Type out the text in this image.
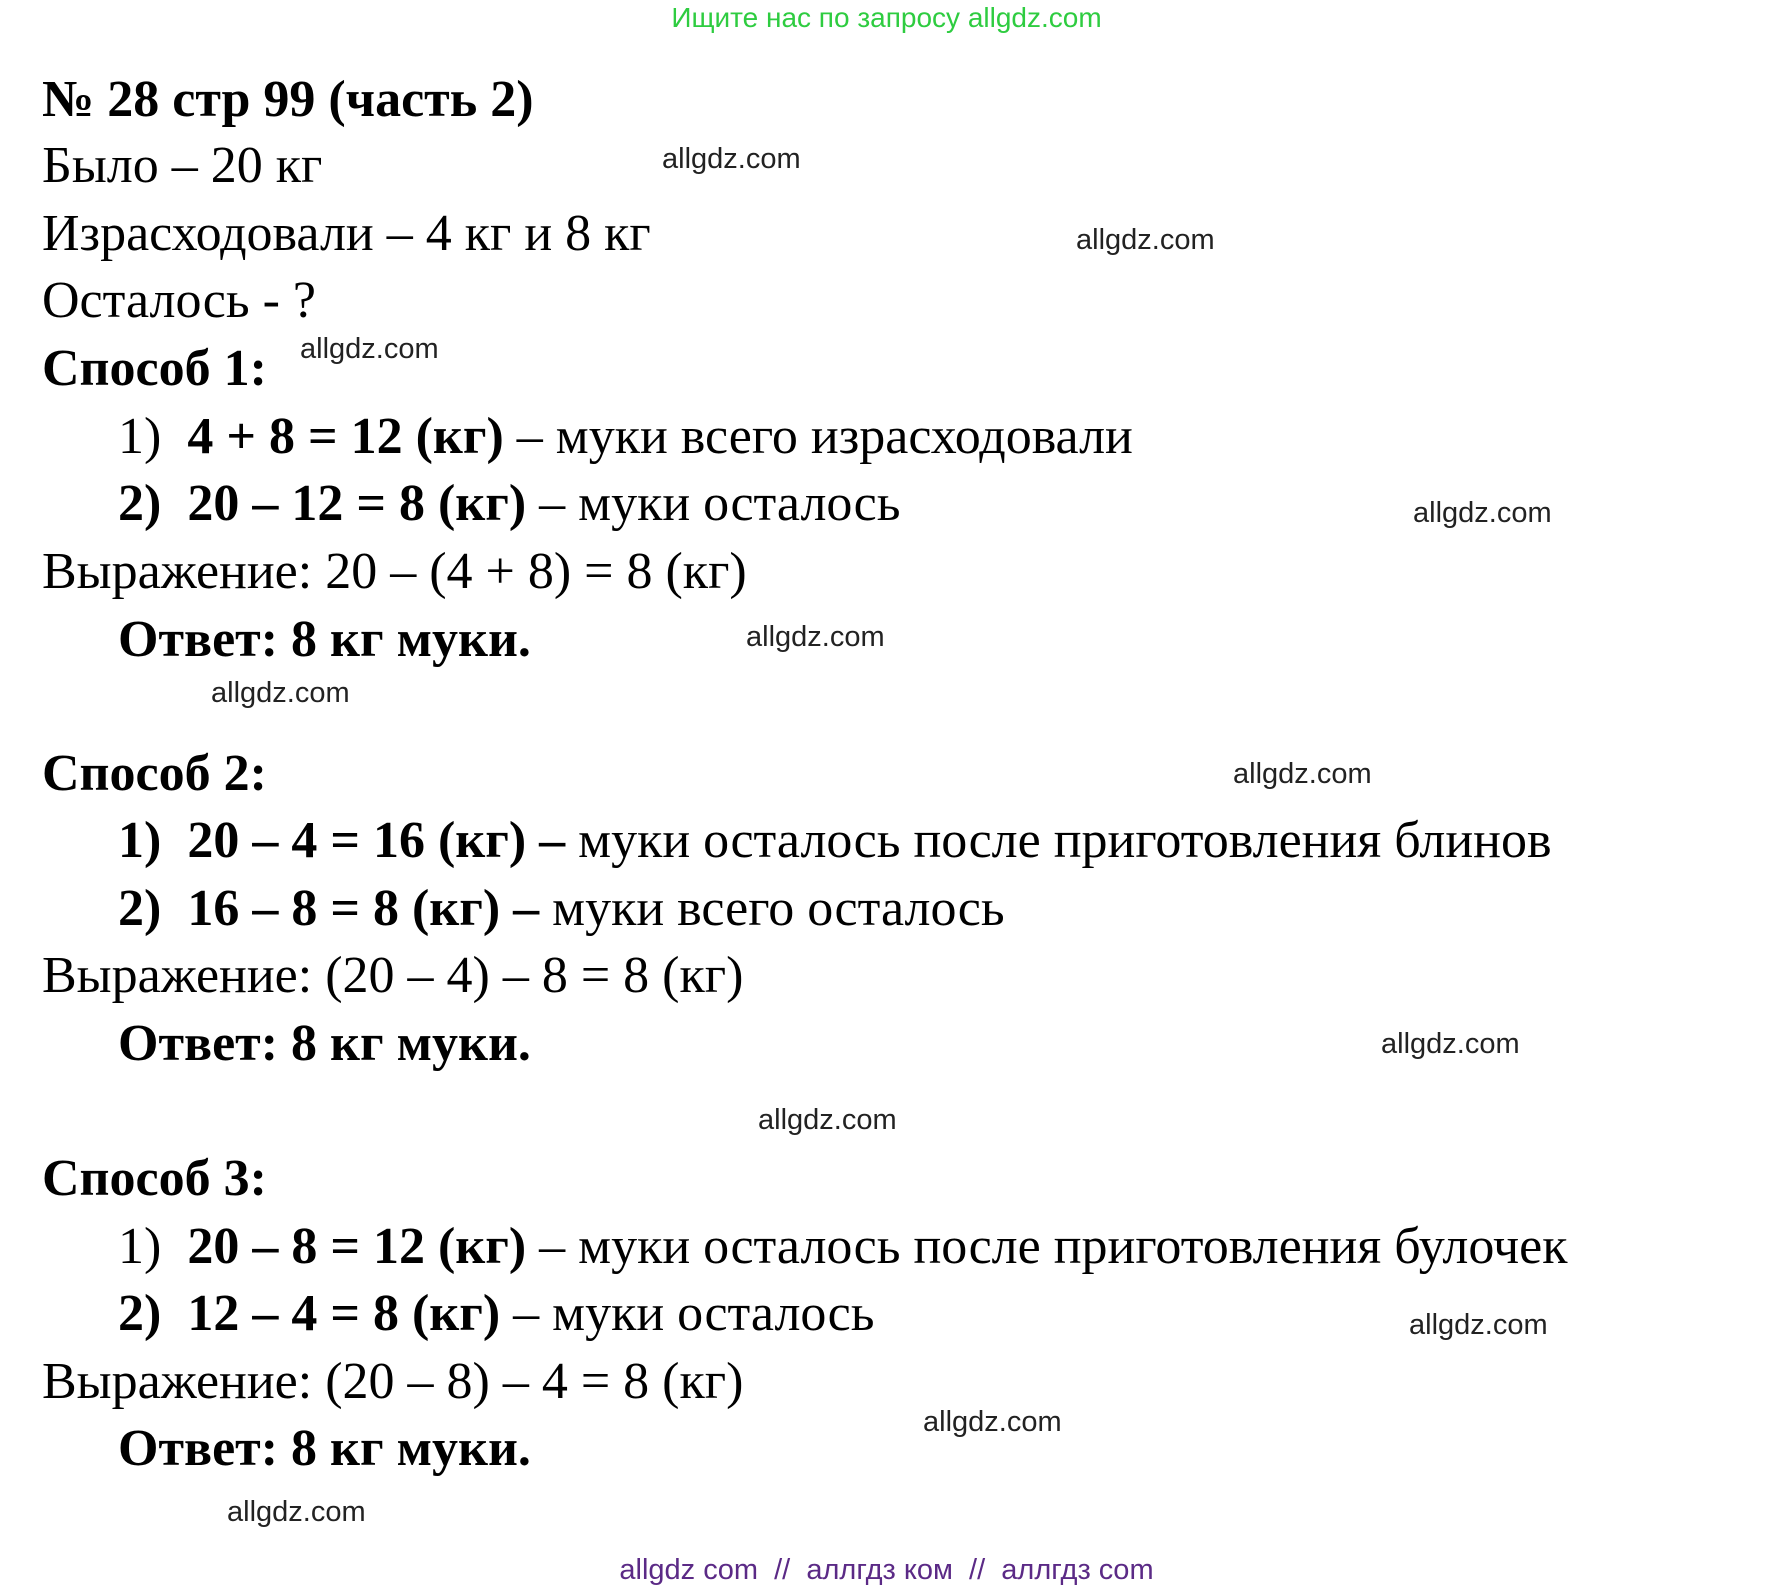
Ищите нас по запросу allgdz.com
№ 28 стр 99 (часть 2)
Было – 20 кг
Израсходовали – 4 кг и 8 кг
Осталось - ?
Способ 1:
1) 4 + 8 = 12 (кг) – муки всего израсходовали
2) 20 – 12 = 8 (кг) – муки осталось
Выражение: 20 – (4 + 8) = 8 (кг)
Ответ: 8 кг муки.
Способ 2:
1) 20 – 4 = 16 (кг) – муки осталось после приготовления блинов
2) 16 – 8 = 8 (кг) – муки всего осталось
Выражение: (20 – 4) – 8 = 8 (кг)
Ответ: 8 кг муки.
Способ 3:
1) 20 – 8 = 12 (кг) – муки осталось после приготовления булочек
2) 12 – 4 = 8 (кг) – муки осталось
Выражение: (20 – 8) – 4 = 8 (кг)
Ответ: 8 кг муки.
allgdz.com
allgdz.com
allgdz.com
allgdz.com
allgdz.com
allgdz.com
allgdz.com
allgdz.com
allgdz.com
allgdz.com
allgdz.com
allgdz.com
allgdz com  //  аллгдз ком  //  аллгдз com
